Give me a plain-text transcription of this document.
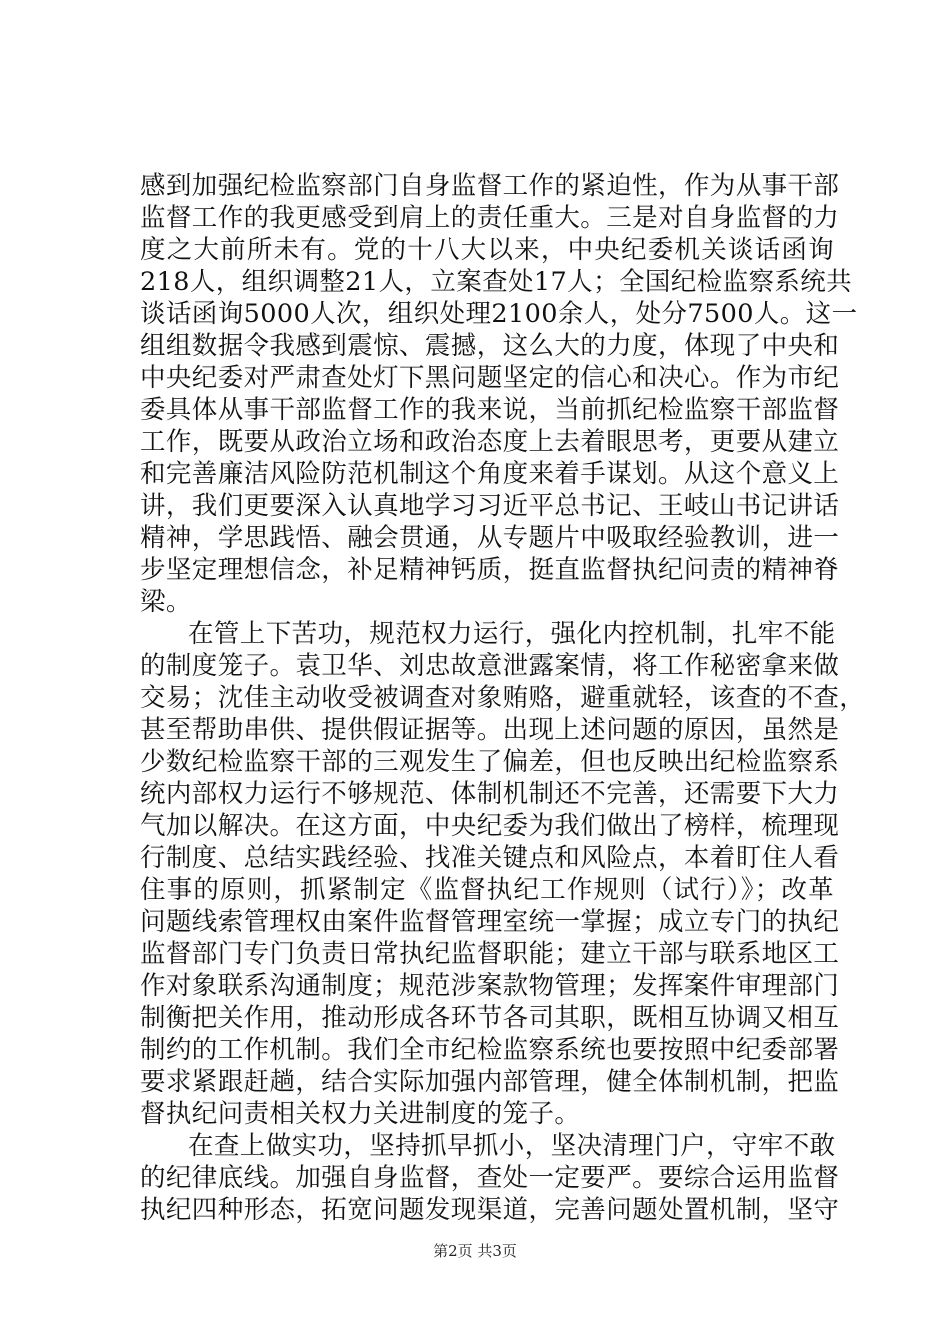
感到加强纪检监察部门自身监督工作的紧迫性，作为从事干部
监督工作的我更感受到肩上的责任重大。三是对自身监督的力
度之大前所未有。党的十八大以来，中央纪委机关谈话函询
218人，组织调整21人，立案查处17人；全国纪检监察系统共
谈话函询5000人次，组织处理2100余人，处分7500人。这一
组组数据令我感到震惊、震撼，这么大的力度，体现了中央和
中央纪委对严肃查处灯下黑问题坚定的信心和决心。作为市纪
委具体从事干部监督工作的我来说，当前抓纪检监察干部监督
工作，既要从政治立场和政治态度上去着眼思考，更要从建立
和完善廉洁风险防范机制这个角度来着手谋划。从这个意义上
讲，我们更要深入认真地学习习近平总书记、王岐山书记讲话
精神，学思践悟、融会贯通，从专题片中吸取经验教训，进一
步坚定理想信念，补足精神钙质，挺直监督执纪问责的精神脊
梁。
在管上下苦功，规范权力运行，强化内控机制，扎牢不能
的制度笼子。袁卫华、刘忠故意泄露案情，将工作秘密拿来做
交易；沈佳主动收受被调查对象贿赂，避重就轻，该查的不查，
甚至帮助串供、提供假证据等。出现上述问题的原因，虽然是
少数纪检监察干部的三观发生了偏差，但也反映出纪检监察系
统内部权力运行不够规范、体制机制还不完善，还需要下大力
气加以解决。在这方面，中央纪委为我们做出了榜样，梳理现
行制度、总结实践经验、找准关键点和风险点，本着盯住人看
住事的原则，抓紧制定《监督执纪工作规则（试行）》；改革
问题线索管理权由案件监督管理室统一掌握；成立专门的执纪
监督部门专门负责日常执纪监督职能；建立干部与联系地区工
作对象联系沟通制度；规范涉案款物管理；发挥案件审理部门
制衡把关作用，推动形成各环节各司其职，既相互协调又相互
制约的工作机制。我们全市纪检监察系统也要按照中纪委部署
要求紧跟赶趟，结合实际加强内部管理，健全体制机制，把监
督执纪问责相关权力关进制度的笼子。
在查上做实功，坚持抓早抓小，坚决清理门户，守牢不敢
的纪律底线。加强自身监督，查处一定要严。要综合运用监督
执纪四种形态，拓宽问题发现渠道，完善问题处置机制，坚守
第2页 共3页
